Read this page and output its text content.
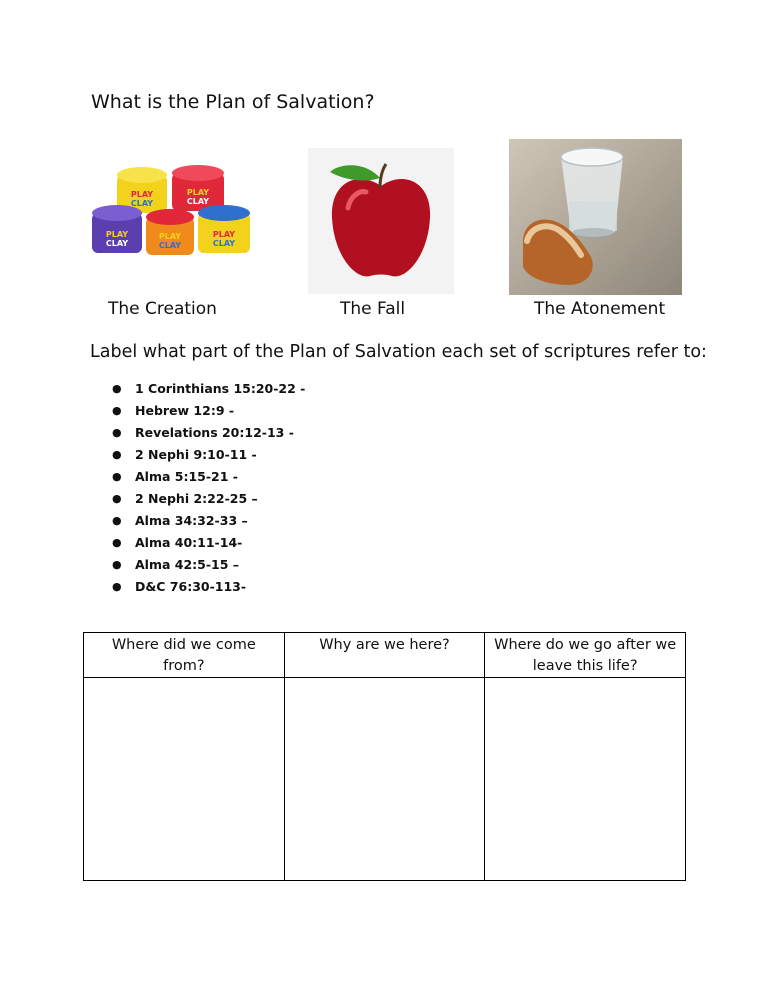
What is the Plan of Salvation?
PLAY
CLAY
PLAY
CLAY
PLAY
CLAY
PLAY
CLAY
PLAY
CLAY
The Creation	The Fall	The Atonement
Label what part of the Plan of Salvation each set of scriptures refer to:
●	1 Corinthians 15:20-22 -
●	Hebrew 12:9 -
●	Revelations 20:12-13 -
●	2 Nephi 9:10-11 -
●	Alma 5:15-21 -
●	2 Nephi 2:22-25 –
●	Alma 34:32-33 –
●	Alma 40:11-14-
●	Alma 42:5-15 –
●	D&C 76:30-113-
Where did we come from?	Why are we here?	Where do we go after we leave this life?
